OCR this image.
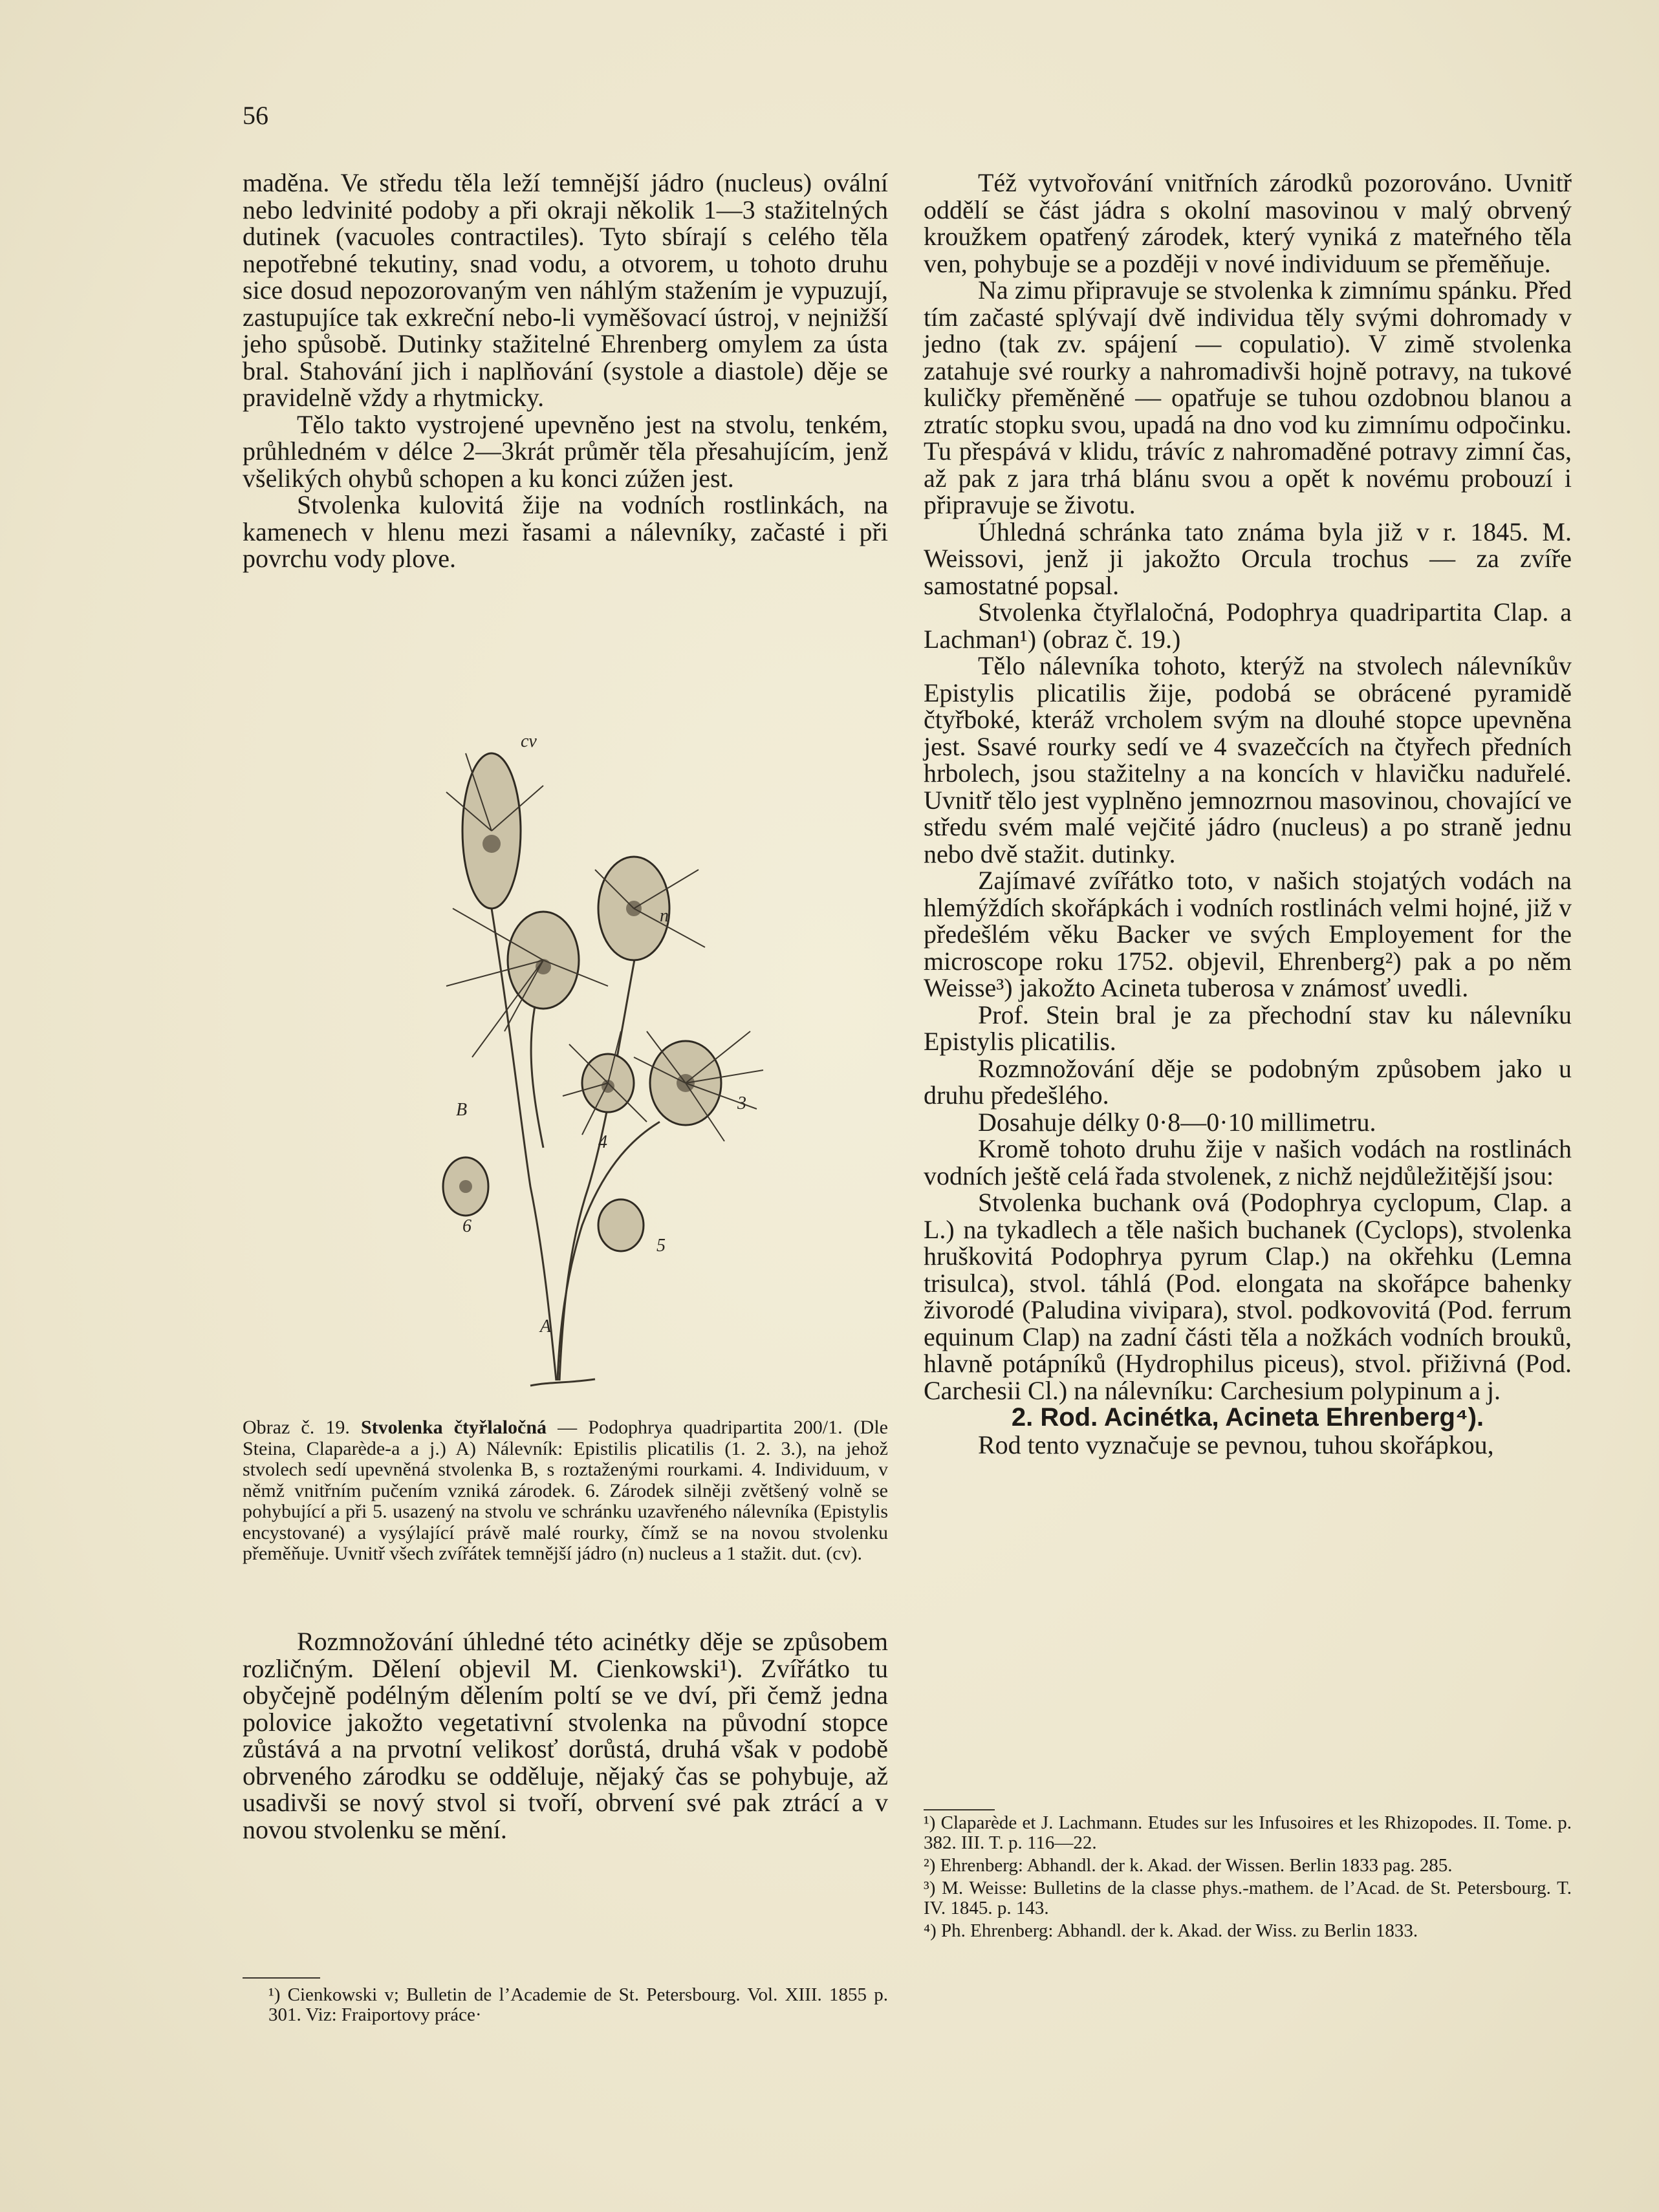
56

maděna. Ve středu těla leží temnější jádro (nucleus) ovální nebo ledvinité podoby a při okraji několik 1—3 stažitelných dutinek (vacuoles contractiles). Tyto sbírají s celého těla nepotřebné tekutiny, snad vodu, a otvorem, u tohoto druhu sice dosud nepozorovaným ven náhlým stažením je vypuzují, zastupujíce tak exkreční nebo-li vyměšovací ústroj, v nejnižší jeho spůsobě. Dutinky stažitelné Ehrenberg omylem za ústa bral. Stahování jich i naplňování (systole a diastole) děje se pravidelně vždy a rhytmicky.

Tělo takto vystrojené upevněno jest na stvolu, tenkém, průhledném v délce 2—3krát průměr těla přesahujícím, jenž všelikých ohybů schopen a ku konci zúžen jest.

Stvolenka kulovitá žije na vodních rostlinkách, na kamenech v hlenu mezi řasami a nálevníky, začasté i při povrchu vody plove.

cv
n
B
4
3
6
5
A
Obraz č. 19. Stvolenka čtyřlaločná — Podophrya quadripartita 200/1. (Dle Steina, Claparède-a a j.) A) Nálevník: Epistilis plicatilis (1. 2. 3.), na jehož stvolech sedí upevněná stvolenka B, s roztaženými rourkami. 4. Individuum, v němž vnitřním pučením vzniká zárodek. 6. Zárodek silněji zvětšený volně se pohybující a při 5. usazený na stvolu ve schránku uzavřeného nálevníka (Epistylis encystované) a vysýlající právě malé rourky, čímž se na novou stvolenku přeměňuje. Uvnitř všech zvířátek temnější jádro (n) nucleus a 1 stažit. dut. (cv).

Rozmnožování úhledné této acinétky děje se způsobem rozličným. Dělení objevil M. Cienkowski¹). Zvířátko tu obyčejně podélným dělením poltí se ve dví, při čemž jedna polovice jakožto vegetativní stvolenka na původní stopce zůstává a na prvotní velikosť dorůstá, druhá však v podobě obrveného zárodku se odděluje, nějaký čas se pohybuje, až usadivši se nový stvol si tvoří, obrvení své pak ztrácí a v novou stvolenku se mění.

¹) Cienkowski v; Bulletin de l’Academie de St. Petersbourg. Vol. XIII. 1855 p. 301. Viz: Fraiportovy práce·

Též vytvořování vnitřních zárodků pozorováno. Uvnitř oddělí se část jádra s okolní masovinou v malý obrvený kroužkem opatřený zárodek, který vyniká z mateřného těla ven, pohybuje se a později v nové individuum se přeměňuje.

Na zimu připravuje se stvolenka k zimnímu spánku. Před tím začasté splývají dvě individua těly svými dohromady v jedno (tak zv. spájení — copulatio). V zimě stvolenka zatahuje své rourky a nahromadivši hojně potravy, na tukové kuličky přeměněné — opatřuje se tuhou ozdobnou blanou a ztratíc stopku svou, upadá na dno vod ku zimnímu odpočinku. Tu přespává v klidu, trávíc z nahromaděné potravy zimní čas, až pak z jara trhá blánu svou a opět k novému probouzí i připravuje se životu.

Úhledná schránka tato známa byla již v r. 1845. M. Weissovi, jenž ji jakožto Orcula trochus — za zvíře samostatné popsal.

Stvolenka čtyřlaločná, Podophrya quadripartita Clap. a Lachman¹) (obraz č. 19.)

Tělo nálevníka tohoto, kterýž na stvolech nálevníkův Epistylis plicatilis žije, podobá se obrácené pyramidě čtyřboké, kteráž vrcholem svým na dlouhé stopce upevněna jest. Ssavé rourky sedí ve 4 svazečcích na čtyřech předních hrbolech, jsou stažitelny a na koncích v hlavičku naduřelé. Uvnitř tělo jest vyplněno jemnozrnou masovinou, chovající ve středu svém malé vejčité jádro (nucleus) a po straně jednu nebo dvě stažit. dutinky.

Zajímavé zvířátko toto, v našich stojatých vodách na hlemýždích skořápkách i vodních rostlinách velmi hojné, již v předešlém věku Backer ve svých Employement for the microscope roku 1752. objevil, Ehrenberg²) pak a po něm Weisse³) jakožto Acineta tuberosa v známosť uvedli.

Prof. Stein bral je za přechodní stav ku nálevníku Epistylis plicatilis.

Rozmnožování děje se podobným způsobem jako u druhu předešlého.

Dosahuje délky 0·8—0·10 millimetru.

Kromě tohoto druhu žije v našich vodách na rostlinách vodních ještě celá řada stvolenek, z nichž nejdůležitější jsou:

Stvolenka buchank ová (Podophrya cyclopum, Clap. a L.) na tykadlech a těle našich buchanek (Cyclops), stvolenka hruškovitá Podophrya pyrum Clap.) na okřehku (Lemna trisulca), stvol. táhlá (Pod. elongata na skořápce bahenky živorodé (Paludina vivipara), stvol. podkovovitá (Pod. ferrum equinum Clap) na zadní části těla a nožkách vodních brouků, hlavně potápníků (Hydrophilus piceus), stvol. přiživná (Pod. Carchesii Cl.) na nálevníku: Carchesium polypinum a j.

2. Rod. Acinétka, Acineta Ehrenberg⁴).

Rod tento vyznačuje se pevnou, tuhou skořápkou,

¹) Claparède et J. Lachmann. Etudes sur les Infusoires et les Rhizopodes. II. Tome. p. 382. III. T. p. 116—22.

²) Ehrenberg: Abhandl. der k. Akad. der Wissen. Berlin 1833 pag. 285.

³) M. Weisse: Bulletins de la classe phys.-mathem. de l’Acad. de St. Petersbourg. T. IV. 1845. p. 143.

⁴) Ph. Ehrenberg: Abhandl. der k. Akad. der Wiss. zu Berlin 1833.
